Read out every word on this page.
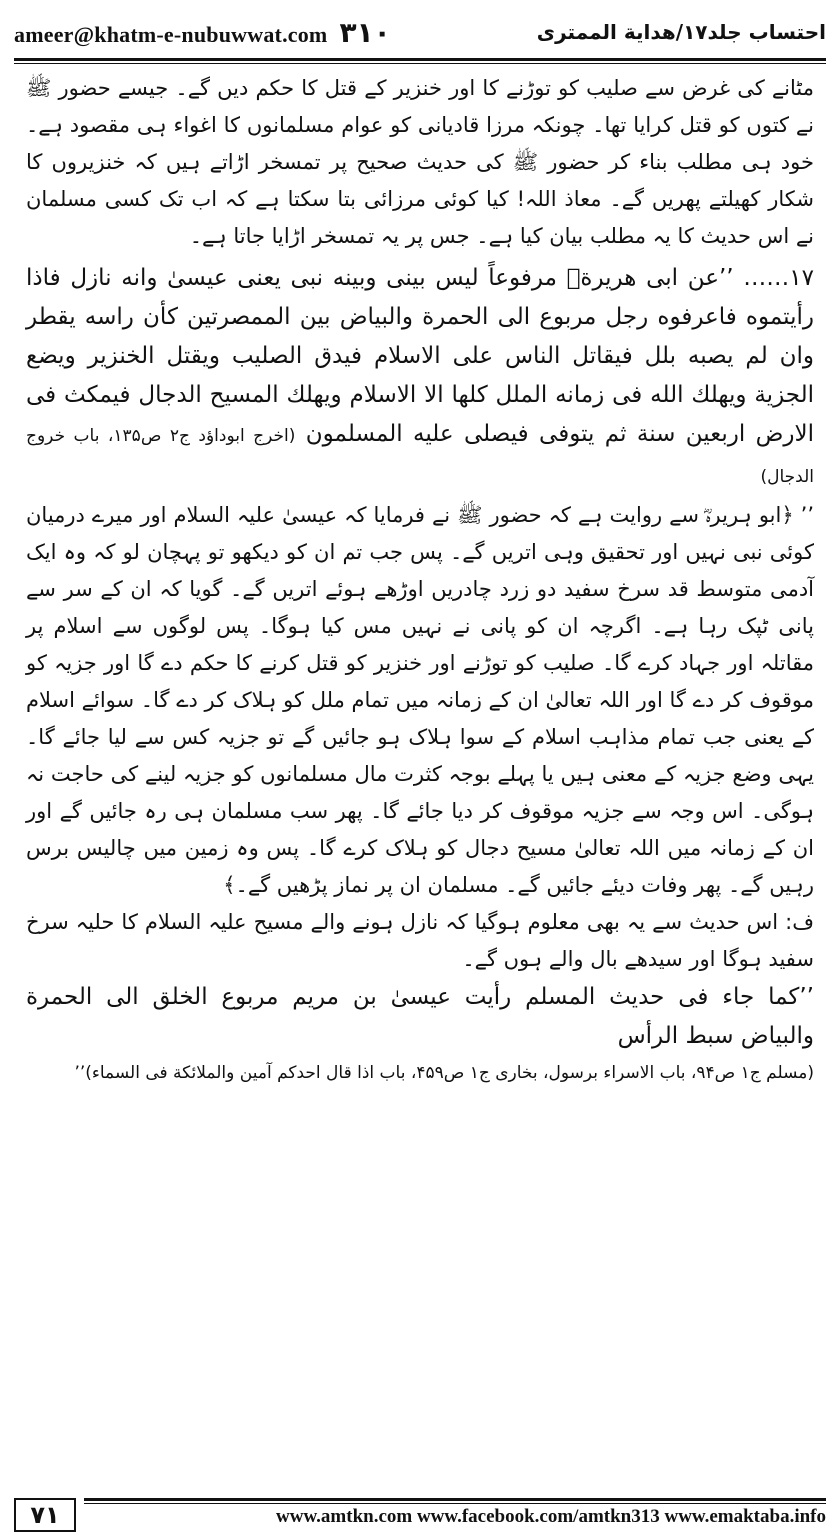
ameer@khatm-e-nubuwwat.com ۳۱۰	احتساب جلد۱۷/هداية الممترى

مٹانے کی غرض سے صلیب کو توڑنے کا اور خنزیر کے قتل کا حکم دیں گے۔ جیسے حضور ﷺ نے کتوں کو قتل کرایا تھا۔ چونکہ مرزا قادیانی کو عوام مسلمانوں کا اغواء ہی مقصود ہے۔ خود ہی مطلب بناء کر حضور ﷺ کی حدیث صحیح پر تمسخر اڑاتے ہیں کہ خنزیروں کا شکار کھیلتے پھریں گے۔ معاذ اللہ! کیا کوئی مرزائی بتا سکتا ہے کہ اب تک کسی مسلمان نے اس حدیث کا یہ مطلب بیان کیا ہے۔ جس پر یہ تمسخر اڑایا جاتا ہے۔

۱۷…… ’’عن ابى هريرةؓ مرفوعاً ليس بينى وبينه نبى يعنى عيسىٰ وانه نازل فاذا رأيتموه فاعرفوه رجل مربوع الى الحمرة والبياض بين الممصرتين كأن راسه يقطر وان لم يصبه بلل فيقاتل الناس على الاسلام فيدق الصليب ويقتل الخنزير ويضع الجزية ويهلك الله فى زمانه الملل كلها الا الاسلام ويهلك المسيح الدجال فيمكث فى الارض اربعين سنة ثم يتوفى فيصلى عليه المسلمون (اخرج ابوداؤد ج۲ ص۱۳۵، باب خروج الدجال)

’’ ﴿ابو ہریرہؓ سے روایت ہے کہ حضور ﷺ نے فرمایا کہ عیسیٰ علیہ السلام اور میرے درمیان کوئی نبی نہیں اور تحقیق وہی اتریں گے۔ پس جب تم ان کو دیکھو تو پہچان لو کہ وہ ایک آدمی متوسط قد سرخ سفید دو زرد چادریں اوڑھے ہوئے اتریں گے۔ گویا کہ ان کے سر سے پانی ٹپک رہا ہے۔ اگرچہ ان کو پانی نے نہیں مس کیا ہوگا۔ پس لوگوں سے اسلام پر مقاتلہ اور جہاد کرے گا۔ صلیب کو توڑنے اور خنزیر کو قتل کرنے کا حکم دے گا اور جزیہ کو موقوف کر دے گا اور اللہ تعالیٰ ان کے زمانہ میں تمام ملل کو ہلاک کر دے گا۔ سوائے اسلام کے یعنی جب تمام مذاہب اسلام کے سوا ہلاک ہو جائیں گے تو جزیہ کس سے لیا جائے گا۔ یہی وضع جزیہ کے معنی ہیں یا پہلے بوجہ کثرت مال مسلمانوں کو جزیہ لینے کی حاجت نہ ہوگی۔ اس وجہ سے جزیہ موقوف کر دیا جائے گا۔ پھر سب مسلمان ہی رہ جائیں گے اور ان کے زمانہ میں اللہ تعالیٰ مسیح دجال کو ہلاک کرے گا۔ پس وہ زمین میں چالیس برس رہیں گے۔ پھر وفات دیئے جائیں گے۔ مسلمان ان پر نماز پڑھیں گے۔﴾

ف: اس حدیث سے یہ بھی معلوم ہوگیا کہ نازل ہونے والے مسیح علیہ السلام کا حلیہ سرخ سفید ہوگا اور سیدھے بال والے ہوں گے۔

’’كما جاء فى حديث المسلم رأيت عيسىٰ بن مريم مربوع الخلق الى الحمرة والبياض سبط الرأس

(مسلم ج۱ ص۹۴، باب الاسراء برسول، بخارى ج۱ ص۴۵۹، باب اذا قال احدكم آمين والملائكة فى السماء)’’

۷۱	www.amtkn.com www.facebook.com/amtkn313 www.emaktaba.info
